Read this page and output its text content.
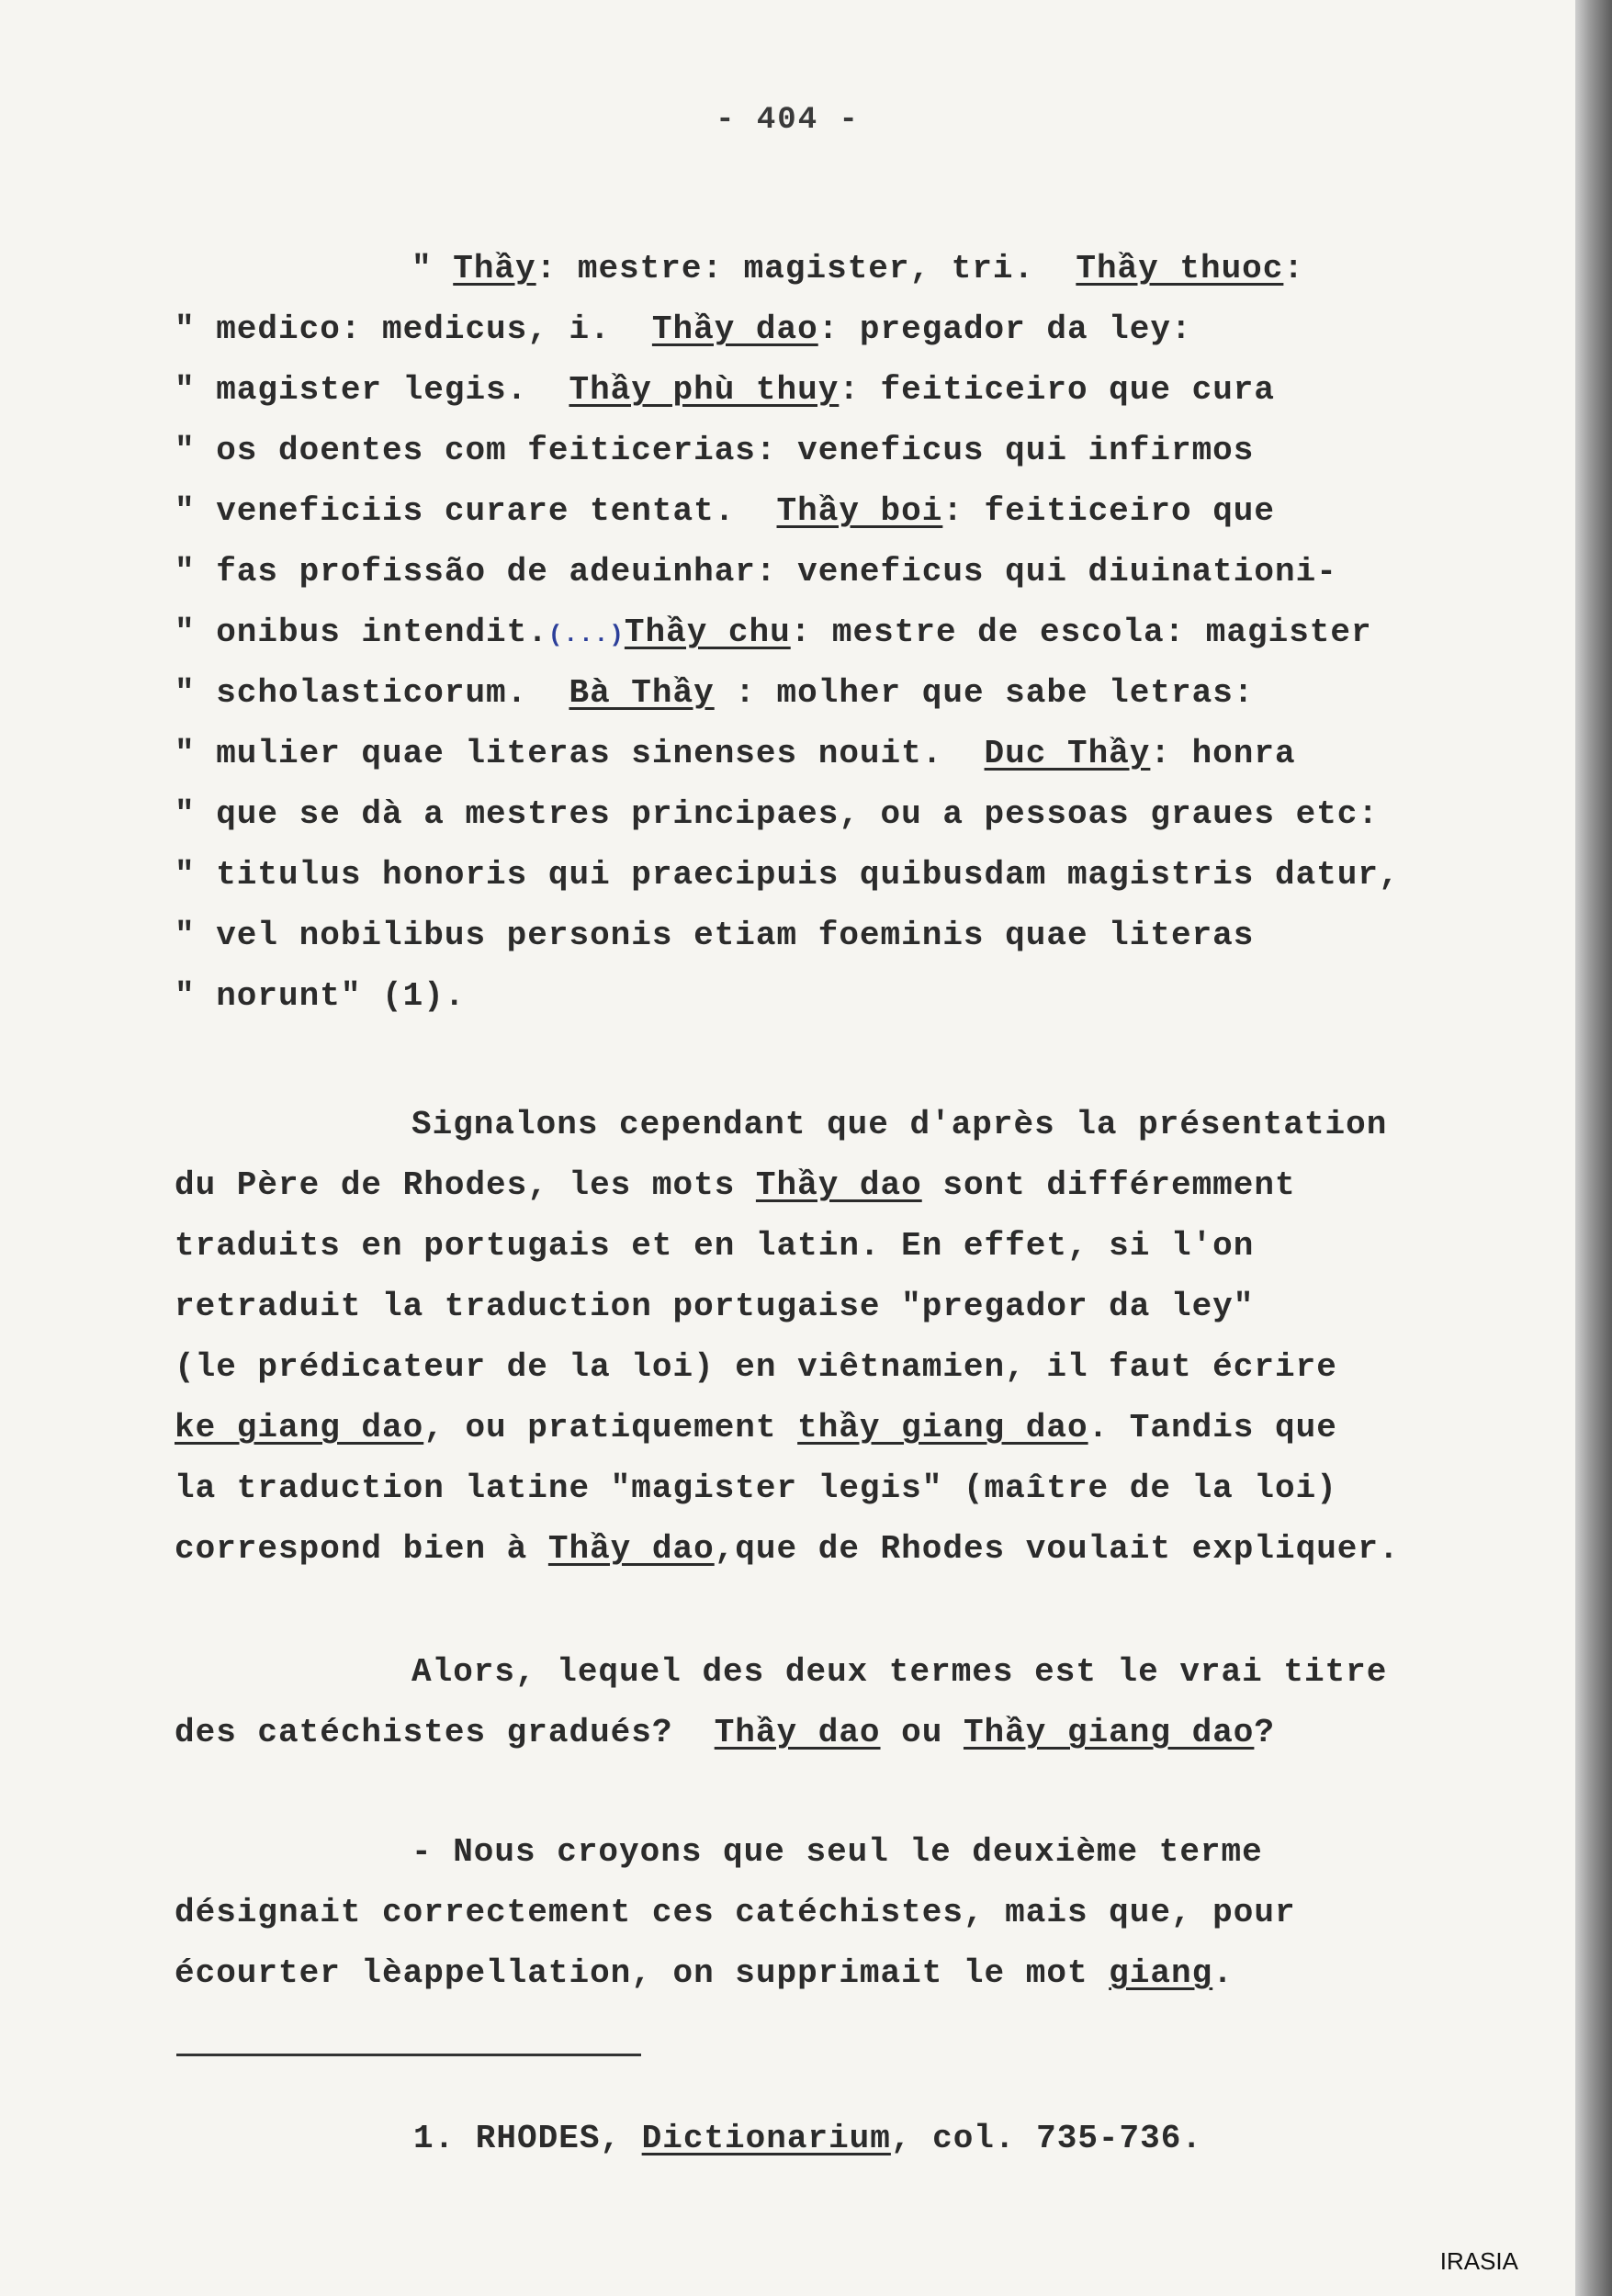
- 404 -
" Thầy: mestre: magister, tri.  Thầy thuoc:
" medico: medicus, i.  Thầy dao: pregador da ley:
" magister legis.  Thầy phù thuy: feiticeiro que cura
" os doentes com feiticerias: veneficus qui infirmos
" veneficiis curare tentat.  Thầy boi: feiticeiro que
" fas profissão de adeuinhar: veneficus qui diuinationi-
" onibus intendit.(...)Thầy chu: mestre de escola: magister
" scholasticorum.  Bà Thầy : molher que sabe letras:
" mulier quae literas sinenses nouit.  Duc Thầy: honra
" que se dà a mestres principaes, ou a pessoas graues etc:
" titulus honoris qui praecipuis quibusdam magistris datur,
" vel nobilibus personis etiam foeminis quae literas
" norunt" (1).
Signalons cependant que d'après la présentation
du Père de Rhodes, les mots Thầy dao sont différemment
traduits en portugais et en latin. En effet, si l'on
retraduit la traduction portugaise "pregador da ley"
(le prédicateur de la loi) en viêtnamien, il faut écrire
ke giang dao, ou pratiquement thầy giang dao. Tandis que
la traduction latine "magister legis" (maître de la loi)
correspond bien à Thầy dao,que de Rhodes voulait expliquer.
Alors, lequel des deux termes est le vrai titre
des catéchistes gradués?  Thầy dao ou Thầy giang dao?
- Nous croyons que seul le deuxième terme
désignait correctement ces catéchistes, mais que, pour
écourter lèappellation, on supprimait le mot giang.
1. RHODES, Dictionarium, col. 735-736.
IRASIA
